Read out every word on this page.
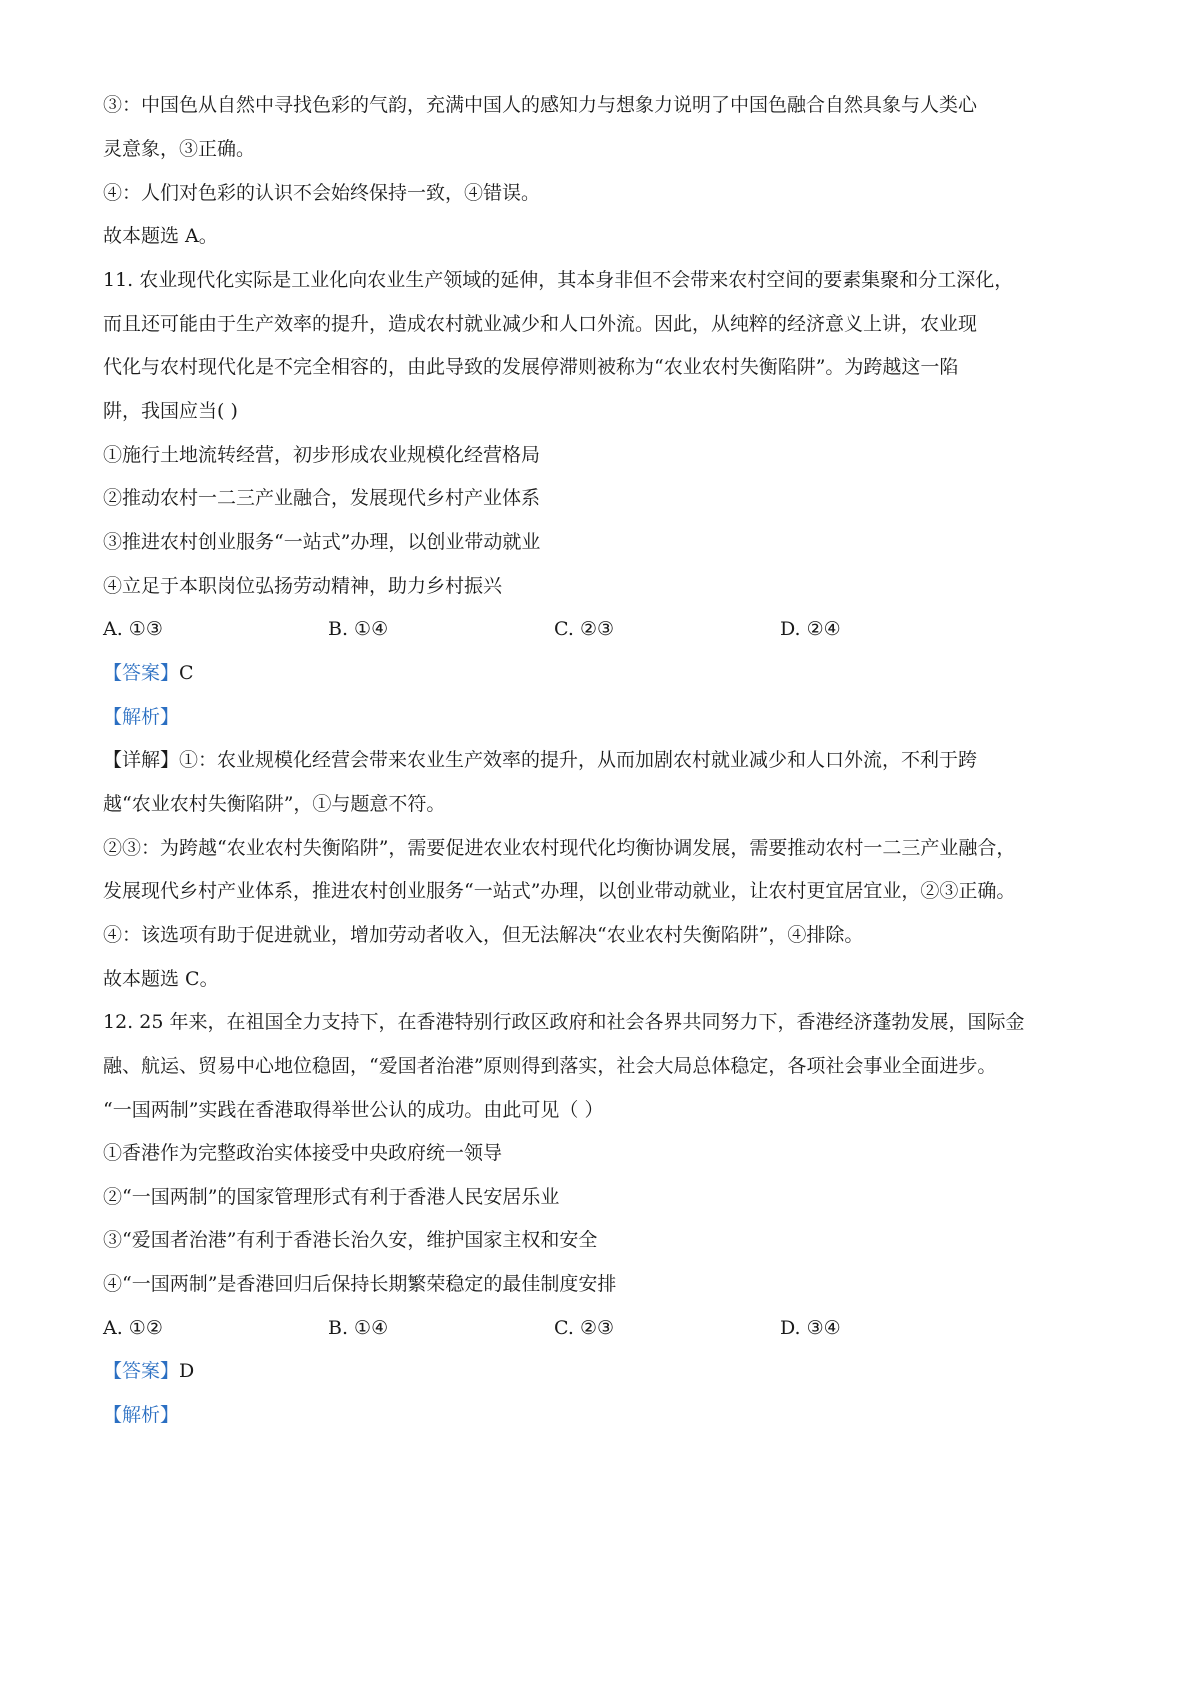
③：中国色从自然中寻找色彩的气韵，充满中国人的感知力与想象力说明了中国色融合自然具象与人类心
灵意象，③正确。
④：人们对色彩的认识不会始终保持一致，④错误。
故本题选 A。
11. 农业现代化实际是工业化向农业生产领域的延伸，其本身非但不会带来农村空间的要素集聚和分工深化，
而且还可能由于生产效率的提升，造成农村就业减少和人口外流。因此，从纯粹的经济意义上讲，农业现
代化与农村现代化是不完全相容的，由此导致的发展停滞则被称为“农业农村失衡陷阱”。为跨越这一陷
阱，我国应当( )
①施行土地流转经营，初步形成农业规模化经营格局
②推动农村一二三产业融合，发展现代乡村产业体系
③推进农村创业服务“一站式”办理，以创业带动就业
④立足于本职岗位弘扬劳动精神，助力乡村振兴
A. ①③	B. ①④	C. ②③	D. ②④
【答案】C
【解析】
【详解】①：农业规模化经营会带来农业生产效率的提升，从而加剧农村就业减少和人口外流，不利于跨
越“农业农村失衡陷阱”，①与题意不符。
②③：为跨越“农业农村失衡陷阱”，需要促进农业农村现代化均衡协调发展，需要推动农村一二三产业融合，
发展现代乡村产业体系，推进农村创业服务“一站式”办理，以创业带动就业，让农村更宜居宜业，②③正确。
④：该选项有助于促进就业，增加劳动者收入，但无法解决“农业农村失衡陷阱”，④排除。
故本题选 C。
12. 25 年来，在祖国全力支持下，在香港特别行政区政府和社会各界共同努力下，香港经济蓬勃发展，国际金
融、航运、贸易中心地位稳固，“爱国者治港”原则得到落实，社会大局总体稳定，各项社会事业全面进步。
“一国两制”实践在香港取得举世公认的成功。由此可见（ ）
①香港作为完整政治实体接受中央政府统一领导
②“一国两制”的国家管理形式有利于香港人民安居乐业
③“爱国者治港”有利于香港长治久安，维护国家主权和安全
④“一国两制”是香港回归后保持长期繁荣稳定的最佳制度安排
A. ①②	B. ①④	C. ②③	D. ③④
【答案】D
【解析】
